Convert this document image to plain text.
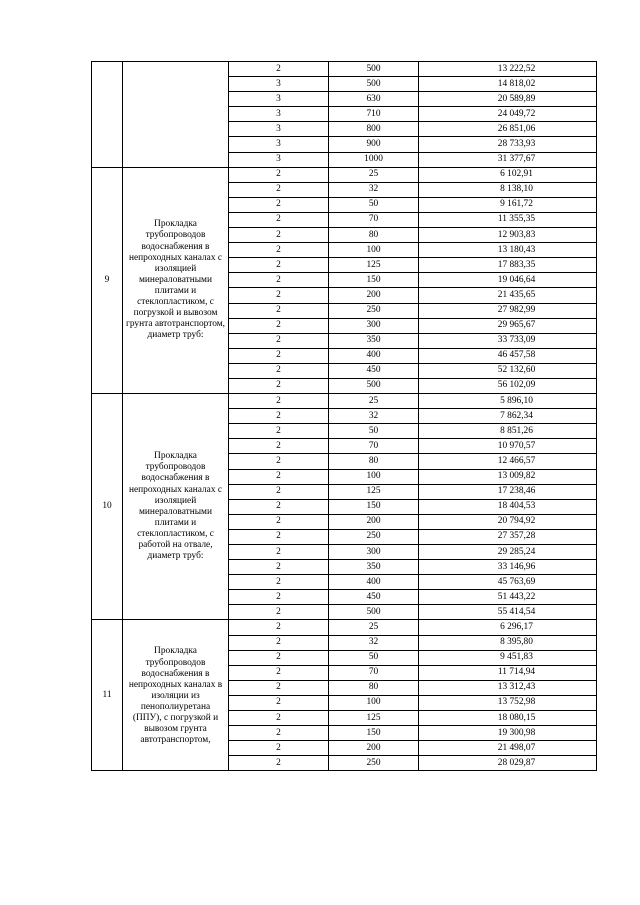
		2	500	13 222,52
		3	500	14 818,02
		3	630	20 589,89
		3	710	24 049,72
		3	800	26 851,06
		3	900	28 733,93
		3	1000	31 377,67
9	Прокладка трубопроводов водоснабжения в непроходных каналах с изоляцией минераловатными плитами и стеклопластиком, с погрузкой и вывозом грунта автотранспортом, диаметр труб:	2	25	6 102,91
		2	32	8 138,10
		2	50	9 161,72
		2	70	11 355,35
		2	80	12 903,83
		2	100	13 180,43
		2	125	17 883,35
		2	150	19 046,64
		2	200	21 435,65
		2	250	27 982,99
		2	300	29 965,67
		2	350	33 733,09
		2	400	46 457,58
		2	450	52 132,60
		2	500	56 102,09
10	Прокладка трубопроводов водоснабжения в непроходных каналах с изоляцией минераловатными плитами и стеклопластиком, с работой на отвале, диаметр труб:	2	25	5 896,10
		2	32	7 862,34
		2	50	8 851,26
		2	70	10 970,57
		2	80	12 466,57
		2	100	13 009,82
		2	125	17 238,46
		2	150	18 404,53
		2	200	20 794,92
		2	250	27 357,28
		2	300	29 285,24
		2	350	33 146,96
		2	400	45 763,69
		2	450	51 443,22
		2	500	55 414,54
11	Прокладка трубопроводов водоснабжения в непроходных каналах в изоляции из пенополиуретана (ППУ), с погрузкой и вывозом грунта автотранспортом,	2	25	6 296,17
		2	32	8 395,80
		2	50	9 451,83
		2	70	11 714,94
		2	80	13 312,43
		2	100	13 752,98
		2	125	18 080,15
		2	150	19 300,98
		2	200	21 498,07
		2	250	28 029,87
